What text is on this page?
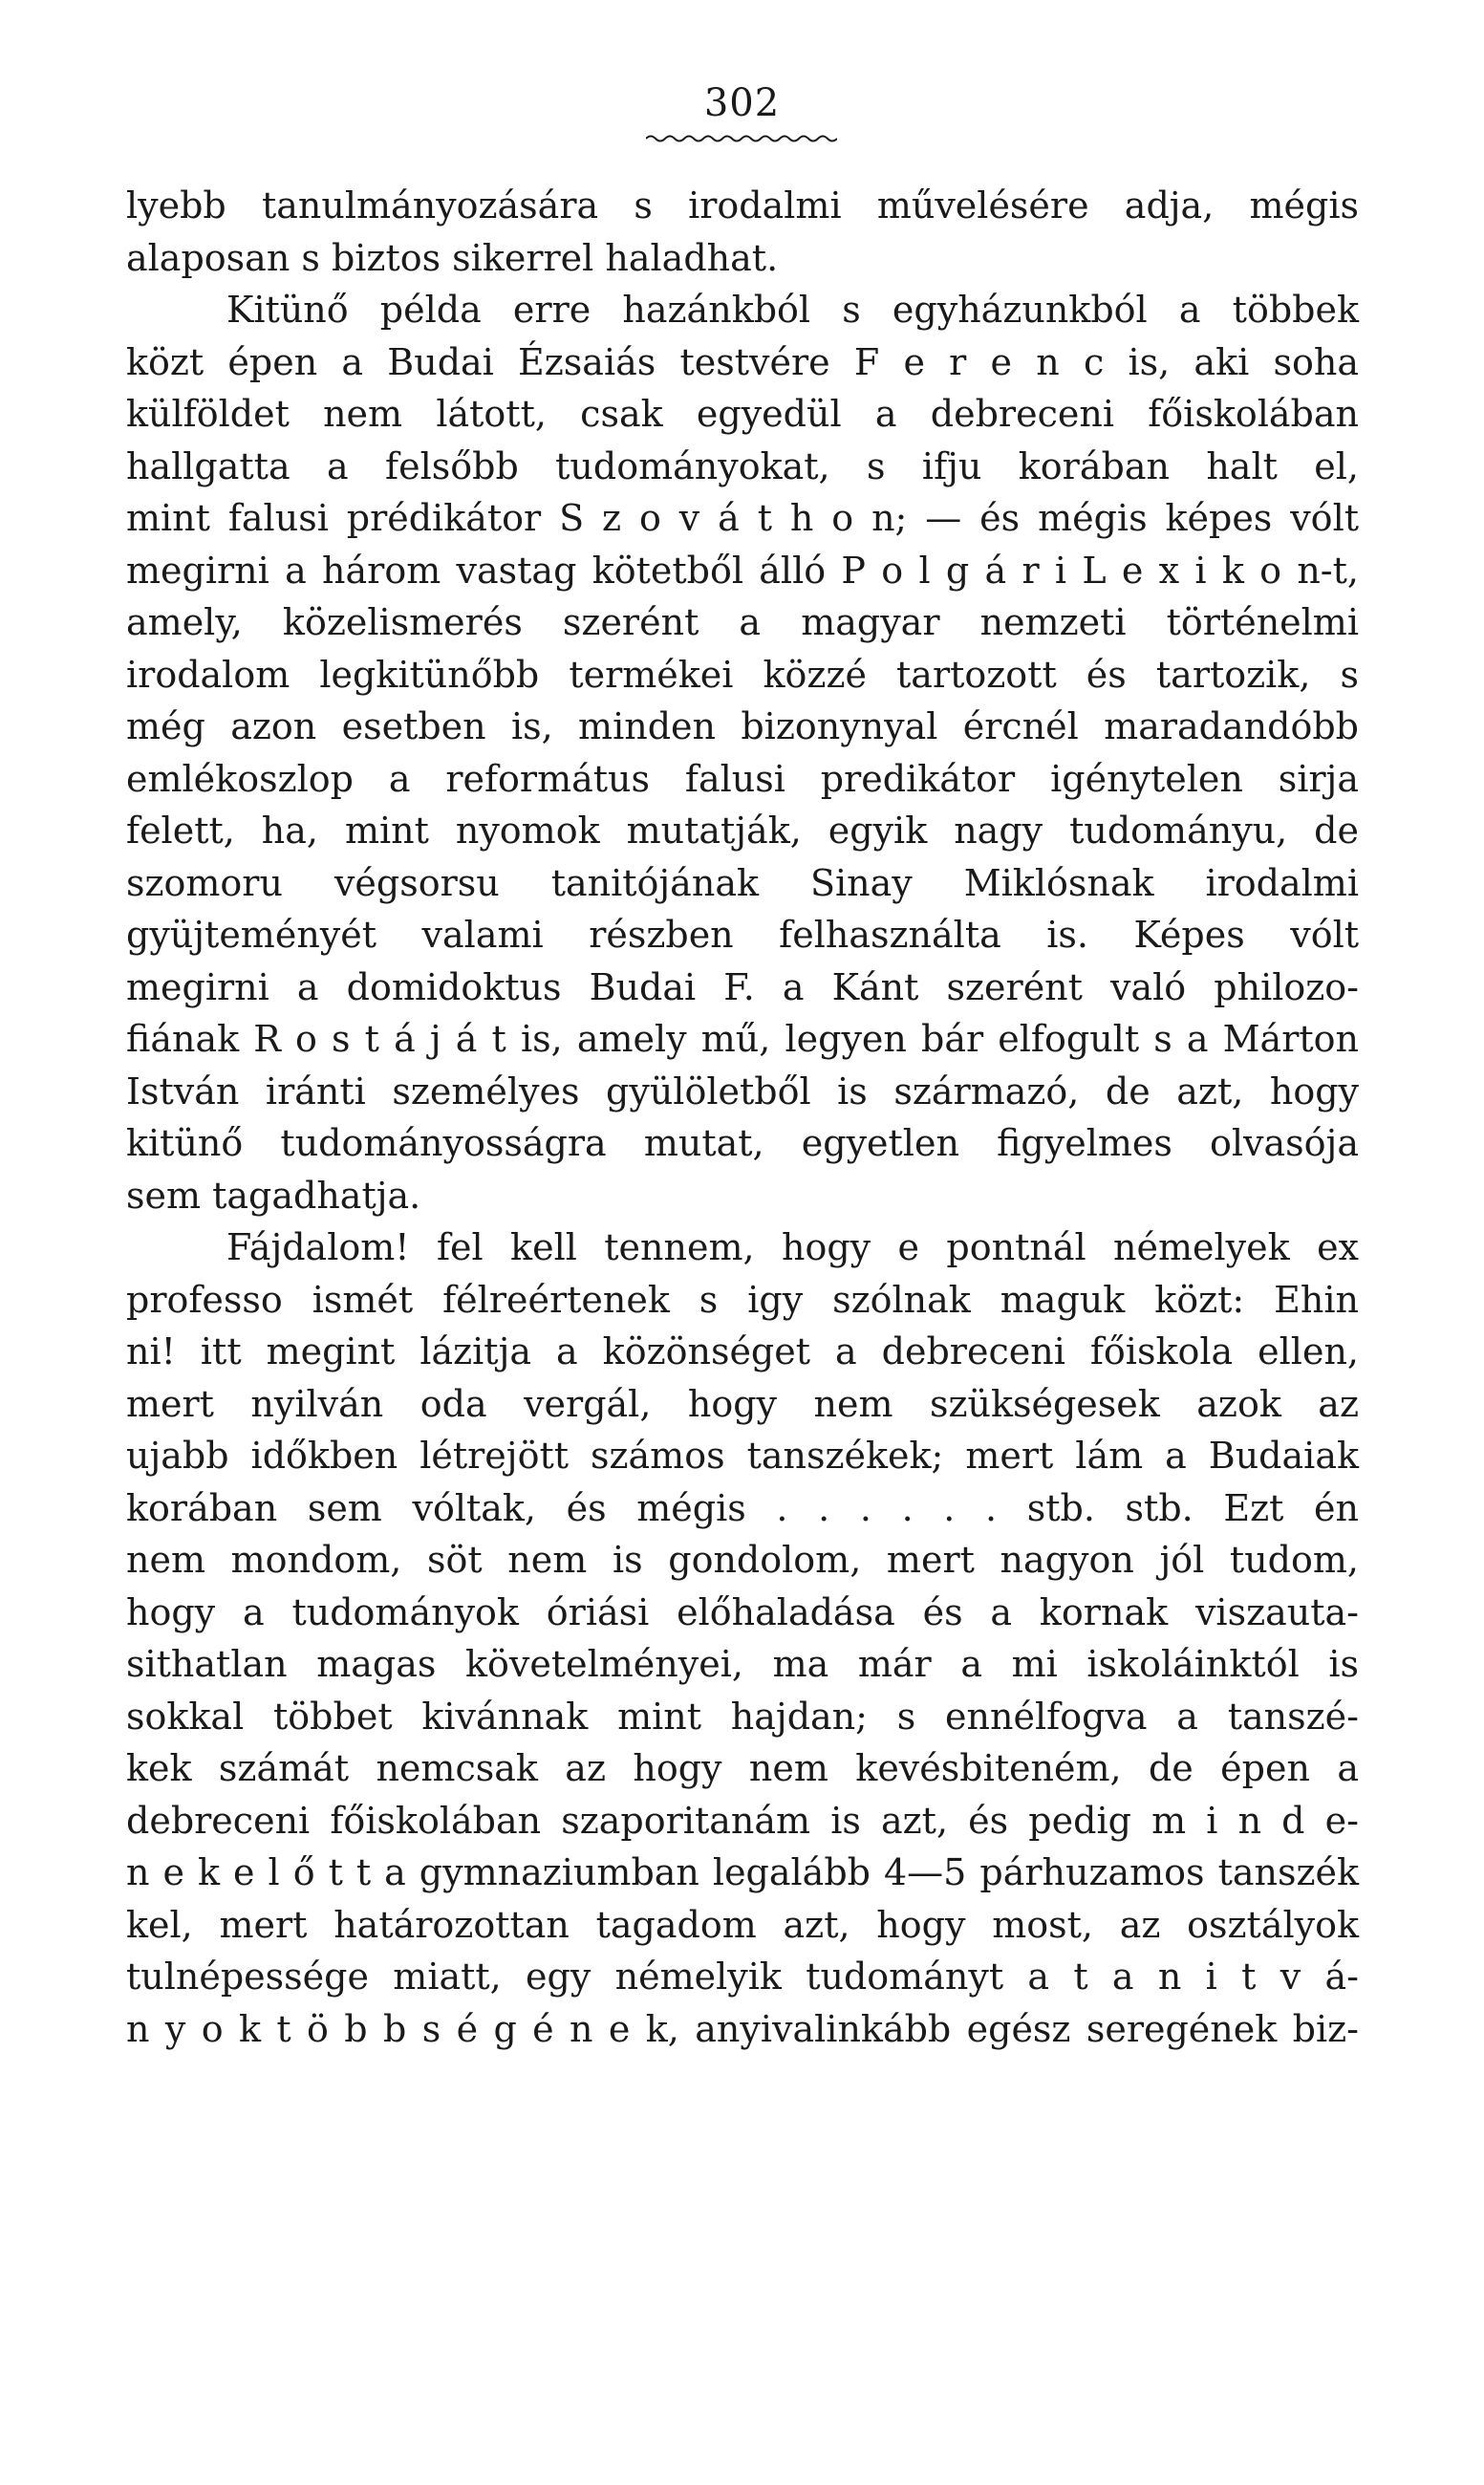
302
lyebb tanulmányozására s irodalmi művelésére adja, mégis
alaposan s biztos sikerrel haladhat.
Kitünő példa erre hazánkból s egyházunkból a többek
közt épen a Budai Ézsaiás testvére F e r e n c is, aki soha
külföldet nem látott, csak egyedül a debreceni főiskolában
hallgatta a felsőbb tudományokat, s ifju korában halt el,
mint falusi prédikátor S z o v á t h o n; — és mégis képes vólt
megirni a három vastag kötetből álló P o l g á r i L e x i k o n-t,
amely, közelismerés szerént a magyar nemzeti történelmi
irodalom legkitünőbb termékei közzé tartozott és tartozik, s
még azon esetben is, minden bizonynyal ércnél maradandóbb
emlékoszlop a református falusi predikátor igénytelen sirja
felett, ha, mint nyomok mutatják, egyik nagy tudományu, de
szomoru végsorsu tanitójának Sinay Miklósnak irodalmi
gyüjteményét valami részben felhasználta is. Képes vólt
megirni a domidoktus Budai F. a Kánt szerént való philozo-
fiának R o s t á j á t is, amely mű, legyen bár elfogult s a Márton
István iránti személyes gyülöletből is származó, de azt, hogy
kitünő tudományosságra mutat, egyetlen figyelmes olvasója
sem tagadhatja.
Fájdalom! fel kell tennem, hogy e pontnál némelyek ex
professo ismét félreértenek s igy szólnak maguk közt: Ehin
ni! itt megint lázitja a közönséget a debreceni főiskola ellen,
mert nyilván oda vergál, hogy nem szükségesek azok az
ujabb időkben létrejött számos tanszékek; mert lám a Budaiak
korában sem vóltak, és mégis . . . . . . stb. stb. Ezt én
nem mondom, söt nem is gondolom, mert nagyon jól tudom,
hogy a tudományok óriási előhaladása és a kornak viszauta-
sithatlan magas követelményei, ma már a mi iskoláinktól is
sokkal többet kivánnak mint hajdan; s ennélfogva a tanszé-
kek számát nemcsak az hogy nem kevésbiteném, de épen a
debreceni főiskolában szaporitanám is azt, és pedig m i n d e-
n e k e l ő t t a gymnaziumban legalább 4—5 párhuzamos tanszék
kel, mert határozottan tagadom azt, hogy most, az osztályok
tulnépessége miatt, egy némelyik tudományt a t a n i t v á-
n y o k t ö b b s é g é n e k, anyivalinkább egész seregének biz-
